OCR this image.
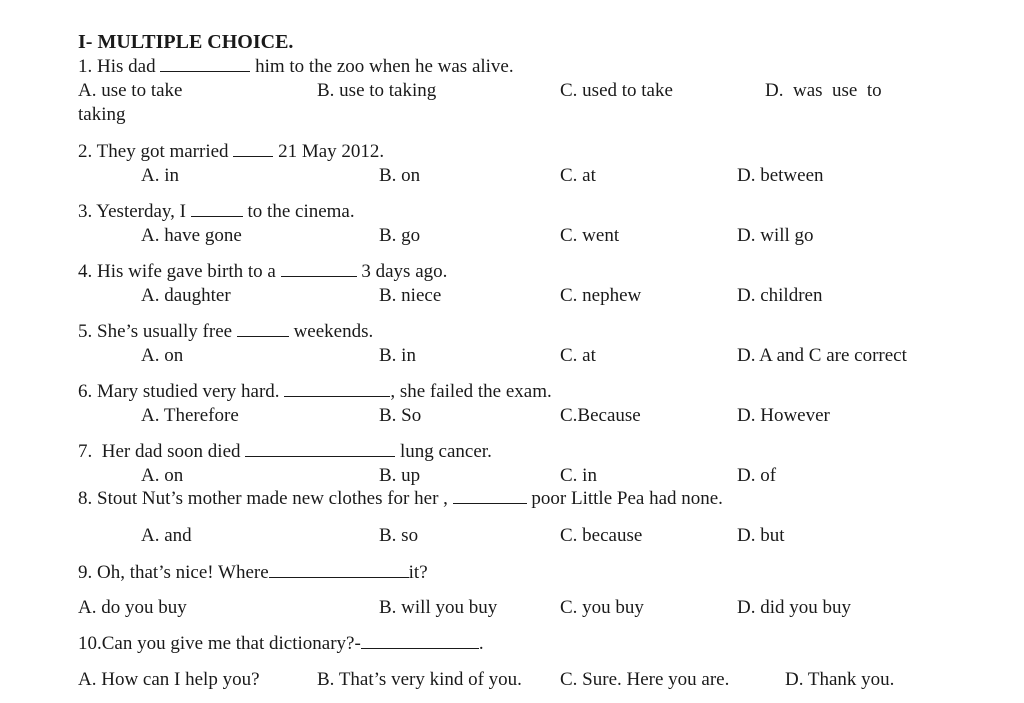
I- MULTIPLE CHOICE.
1. His dad	him to the zoo when he was alive.
A. use to take	B. use to taking	C. used to take	D.  was  use  to
taking
2. They got married	21 May 2012.
A. in	B. on	C. at	D. between
3. Yesterday, I	to the cinema.
A. have gone	B. go	C. went	D. will go
4. His wife gave birth to a	3 days ago.
A. daughter	B. niece	C. nephew	D. children
5. She’s usually free	weekends.
A. on	B. in	C. at	D. A and C are correct
6. Mary studied very hard.	, she failed the exam.
A. Therefore	B. So	C.Because	D. However
7.  Her dad soon died	lung cancer.
A. on	B. up	C. in	D. of
8. Stout Nut’s mother made new clothes for her ,	poor Little Pea had none.
A. and	B. so	C. because	D. but
9. Oh, that’s nice! Where	it?
A. do you buy	B. will you buy	C. you buy	D. did you buy
10.Can you give me that dictionary?-	.
A. How can I help you?	B. That’s very kind of you. C. Sure. Here you are.	D. Thank you.
